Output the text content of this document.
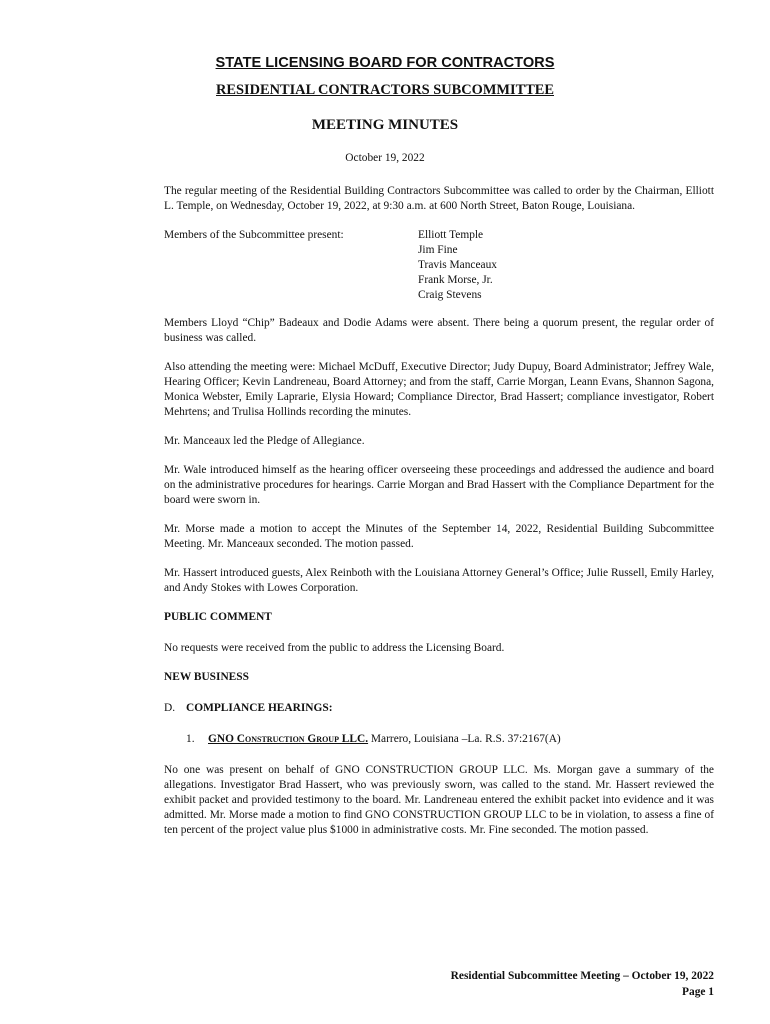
STATE LICENSING BOARD FOR CONTRACTORS
RESIDENTIAL CONTRACTORS SUBCOMMITTEE
MEETING MINUTES
October 19, 2022

The regular meeting of the Residential Building Contractors Subcommittee was called to order by the Chairman, Elliott L. Temple, on Wednesday, October 19, 2022, at 9:30 a.m. at 600 North Street, Baton Rouge, Louisiana.

Members of the Subcommittee present:	Elliott Temple
Jim Fine
Travis Manceaux
Frank Morse, Jr.
Craig Stevens

Members Lloyd “Chip” Badeaux and Dodie Adams were absent. There being a quorum present, the regular order of business was called.

Also attending the meeting were: Michael McDuff, Executive Director; Judy Dupuy, Board Administrator; Jeffrey Wale, Hearing Officer; Kevin Landreneau, Board Attorney; and from the staff, Carrie Morgan, Leann Evans, Shannon Sagona, Monica Webster, Emily Laprarie, Elysia Howard; Compliance Director, Brad Hassert; compliance investigator, Robert Mehrtens; and Trulisa Hollinds recording the minutes.

Mr. Manceaux led the Pledge of Allegiance.

Mr. Wale introduced himself as the hearing officer overseeing these proceedings and addressed the audience and board on the administrative procedures for hearings. Carrie Morgan and Brad Hassert with the Compliance Department for the board were sworn in.

Mr. Morse made a motion to accept the Minutes of the September 14, 2022, Residential Building Subcommittee Meeting. Mr. Manceaux seconded. The motion passed.

Mr. Hassert introduced guests, Alex Reinboth with the Louisiana Attorney General’s Office; Julie Russell, Emily Harley, and Andy Stokes with Lowes Corporation.

PUBLIC COMMENT

No requests were received from the public to address the Licensing Board.

NEW BUSINESS
D. COMPLIANCE HEARINGS:
1.	GNO Construction Group LLC. Marrero, Louisiana –La. R.S. 37:2167(A)

No one was present on behalf of GNO CONSTRUCTION GROUP LLC. Ms. Morgan gave a summary of the allegations. Investigator Brad Hassert, who was previously sworn, was called to the stand. Mr. Hassert reviewed the exhibit packet and provided testimony to the board. Mr. Landreneau entered the exhibit packet into evidence and it was admitted. Mr. Morse made a motion to find GNO CONSTRUCTION GROUP LLC to be in violation, to assess a fine of ten percent of the project value plus $1000 in administrative costs. Mr. Fine seconded. The motion passed.

Residential Subcommittee Meeting – October 19, 2022
Page 1
